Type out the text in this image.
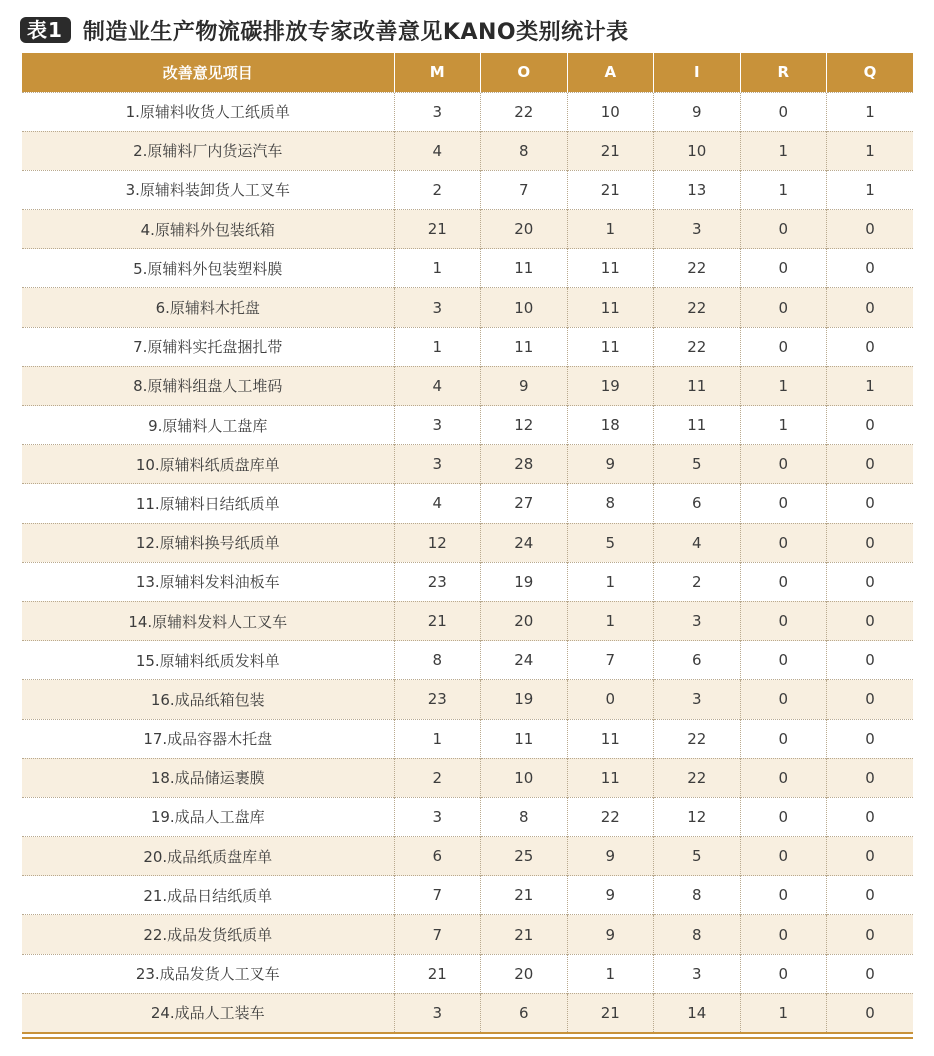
表1 制造业生产物流碳排放专家改善意见KANO类别统计表
改善意见项目	M	O	A	I	R	Q
1.原辅料收货人工纸质单	3	22	10	9	0	1
2.原辅料厂内货运汽车	4	8	21	10	1	1
3.原辅料装卸货人工叉车	2	7	21	13	1	1
4.原辅料外包装纸箱	21	20	1	3	0	0
5.原辅料外包装塑料膜	1	11	11	22	0	0
6.原辅料木托盘	3	10	11	22	0	0
7.原辅料实托盘捆扎带	1	11	11	22	0	0
8.原辅料组盘人工堆码	4	9	19	11	1	1
9.原辅料人工盘库	3	12	18	11	1	0
10.原辅料纸质盘库单	3	28	9	5	0	0
11.原辅料日结纸质单	4	27	8	6	0	0
12.原辅料换号纸质单	12	24	5	4	0	0
13.原辅料发料油板车	23	19	1	2	0	0
14.原辅料发料人工叉车	21	20	1	3	0	0
15.原辅料纸质发料单	8	24	7	6	0	0
16.成品纸箱包装	23	19	0	3	0	0
17.成品容器木托盘	1	11	11	22	0	0
18.成品储运裹膜	2	10	11	22	0	0
19.成品人工盘库	3	8	22	12	0	0
20.成品纸质盘库单	6	25	9	5	0	0
21.成品日结纸质单	7	21	9	8	0	0
22.成品发货纸质单	7	21	9	8	0	0
23.成品发货人工叉车	21	20	1	3	0	0
24.成品人工装车	3	6	21	14	1	0
